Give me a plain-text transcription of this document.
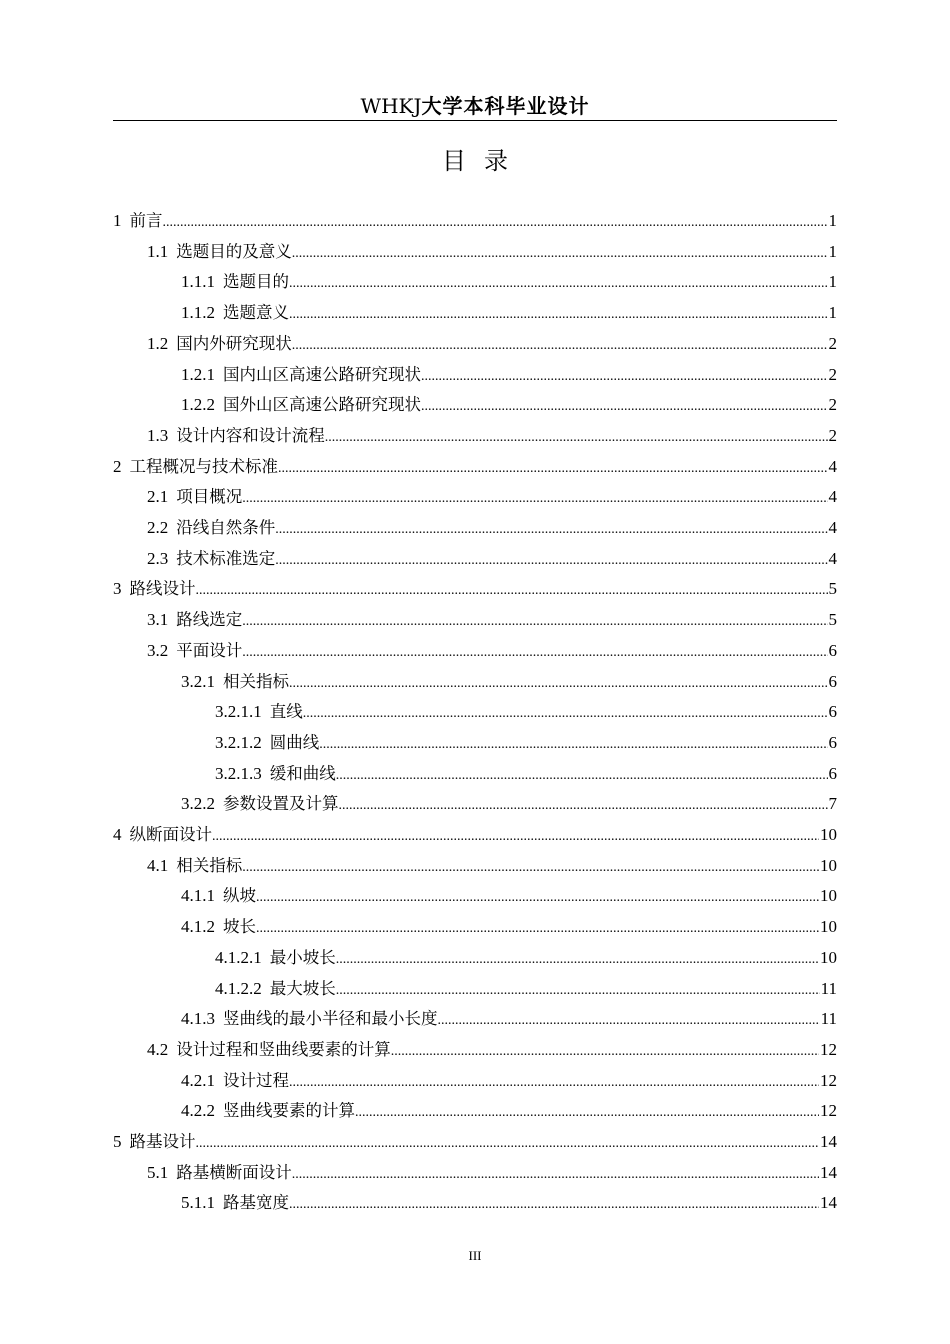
WHKJ大学本科毕业设计
目录
1 前言 .....	1
1.1 选题目的及意义 .....	1
1.1.1 选题目的 .....	1
1.1.2 选题意义 .....	1
1.2 国内外研究现状 .....	2
1.2.1 国内山区高速公路研究现状 .....	2
1.2.2 国外山区高速公路研究现状 .....	2
1.3 设计内容和设计流程 .....	2
2 工程概况与技术标准 .....	4
2.1 项目概况 .....	4
2.2 沿线自然条件 .....	4
2.3 技术标准选定 .....	4
3 路线设计 .....	5
3.1 路线选定 .....	5
3.2 平面设计 .....	6
3.2.1 相关指标 .....	6
3.2.1.1 直线 .....	6
3.2.1.2 圆曲线 .....	6
3.2.1.3 缓和曲线 .....	6
3.2.2 参数设置及计算 .....	7
4 纵断面设计 .....	10
4.1 相关指标 .....	10
4.1.1 纵坡 .....	10
4.1.2 坡长 .....	10
4.1.2.1 最小坡长 .....	10
4.1.2.2 最大坡长 .....	11
4.1.3 竖曲线的最小半径和最小长度 .....	11
4.2 设计过程和竖曲线要素的计算 .....	12
4.2.1 设计过程 .....	12
4.2.2 竖曲线要素的计算 .....	12
5 路基设计 .....	14
5.1 路基横断面设计 .....	14
5.1.1 路基宽度 .....	14
III
